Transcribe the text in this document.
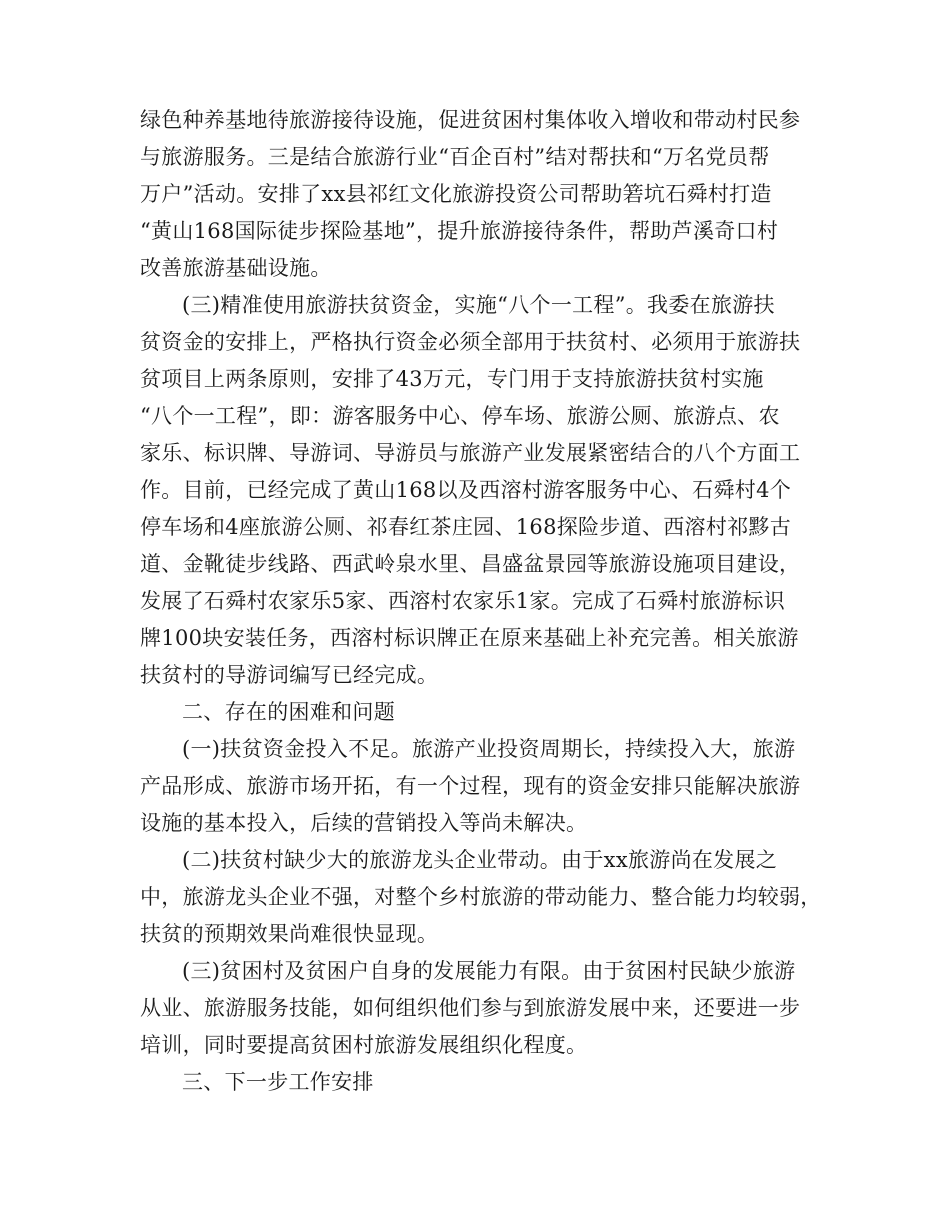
绿色种养基地待旅游接待设施，促进贫困村集体收入增收和带动村民参
与旅游服务。三是结合旅游行业“百企百村”结对帮扶和“万名党员帮
万户”活动。安排了xx县祁红文化旅游投资公司帮助箬坑石舜村打造
“黄山168国际徒步探险基地”，提升旅游接待条件，帮助芦溪奇口村
改善旅游基础设施。
(三)精准使用旅游扶贫资金，实施“八个一工程”。我委在旅游扶
贫资金的安排上，严格执行资金必须全部用于扶贫村、必须用于旅游扶
贫项目上两条原则，安排了43万元，专门用于支持旅游扶贫村实施
“八个一工程”，即：游客服务中心、停车场、旅游公厕、旅游点、农
家乐、标识牌、导游词、导游员与旅游产业发展紧密结合的八个方面工
作。目前，已经完成了黄山168以及西溶村游客服务中心、石舜村4个
停车场和4座旅游公厕、祁春红茶庄园、168探险步道、西溶村祁黟古
道、金靴徒步线路、西武岭泉水里、昌盛盆景园等旅游设施项目建设，
发展了石舜村农家乐5家、西溶村农家乐1家。完成了石舜村旅游标识
牌100块安装任务，西溶村标识牌正在原来基础上补充完善。相关旅游
扶贫村的导游词编写已经完成。
二、存在的困难和问题
(一)扶贫资金投入不足。旅游产业投资周期长，持续投入大，旅游
产品形成、旅游市场开拓，有一个过程，现有的资金安排只能解决旅游
设施的基本投入，后续的营销投入等尚未解决。
(二)扶贫村缺少大的旅游龙头企业带动。由于xx旅游尚在发展之
中，旅游龙头企业不强，对整个乡村旅游的带动能力、整合能力均较弱，
扶贫的预期效果尚难很快显现。
(三)贫困村及贫困户自身的发展能力有限。由于贫困村民缺少旅游
从业、旅游服务技能，如何组织他们参与到旅游发展中来，还要进一步
培训，同时要提高贫困村旅游发展组织化程度。
三、下一步工作安排
